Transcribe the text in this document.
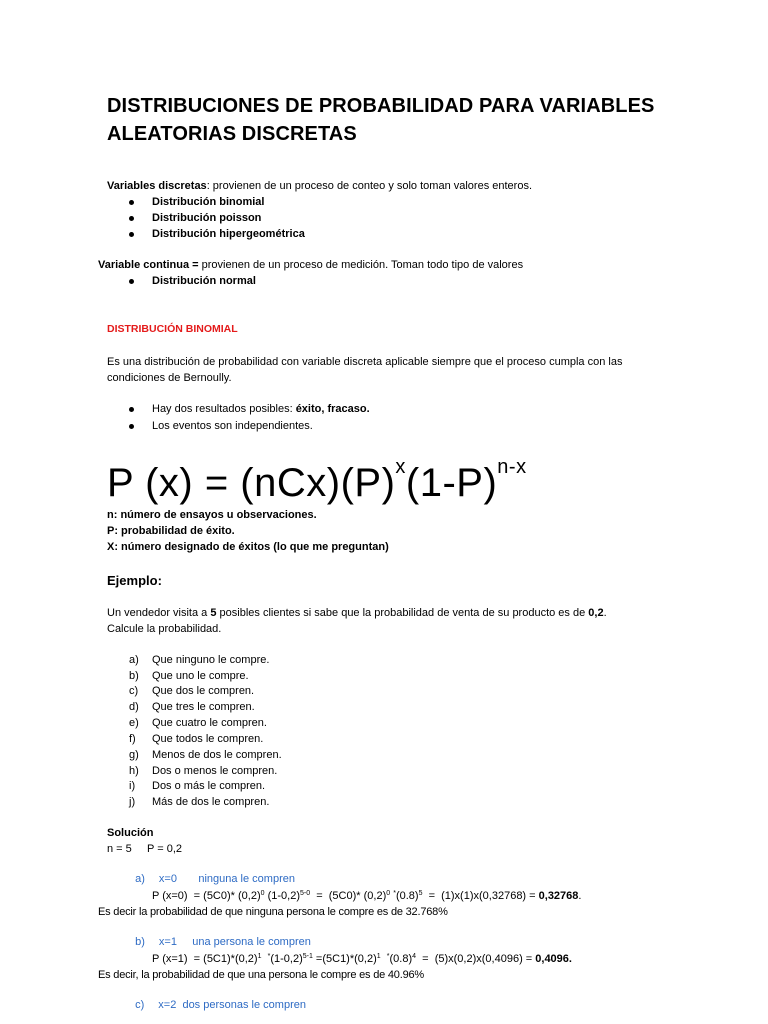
DISTRIBUCIONES DE PROBABILIDAD PARA VARIABLES
ALEATORIAS DISCRETAS
Variables discretas: provienen de un proceso de conteo y solo toman valores enteros.
Distribución binomial
Distribución poisson
Distribución hipergeométrica
Variable continua = provienen de un proceso de medición. Toman todo tipo de valores
Distribución normal
DISTRIBUCIÓN BINOMIAL
Es una distribución de probabilidad con variable discreta aplicable siempre que el proceso cumpla con las
condiciones de Bernoully.
Hay dos resultados posibles: éxito, fracaso.
Los eventos son independientes.
P $(x) = (nCx)(P)^x(1-P)^{n-x}$
n: número de ensayos u observaciones.
P: probabilidad de éxito.
X: número designado de éxitos (lo que me preguntan)
Ejemplo:
Un vendedor visita a 5 posibles clientes si sabe que la probabilidad de venta de su producto es de 0,2.
Calcule la probabilidad.
a) Que ninguno le compre.
b) Que uno le compre.
c) Que dos le compren.
d) Que tres le compren.
e) Que cuatro le compren.
f) Que todos le compren.
g) Menos de dos le compren.
h) Dos o menos le compren.
i) Dos o más le compren.
j) Más de dos le compren.
Solución
n = 5     P = 0,2

a) x=0       ninguna le compren

P (x=0)  = (5C0)* $(0,2)^0$ $(1-0,2)^{5-0} = (5C0)*$ $(0,2)^0$ $^*(0.8)^5 = (1)x(1)x(0,32768) = 0,32768$.
Es decir la probabilidad de que ninguna persona le compre es de 32.768%

b) x=1     una persona le compren

P $(x=1) = (5C1)*(0,2)^1$ $^*(1-0,2)^{5-1} =(5C1)*(0,2)^1$ $^*(0.8)^4 = (5)x(0,2)x(0,4096) = 0,4096$.
Es decir, la probabilidad de que una persona le compre es de 40.96%

c) x=2  dos personas le compren
